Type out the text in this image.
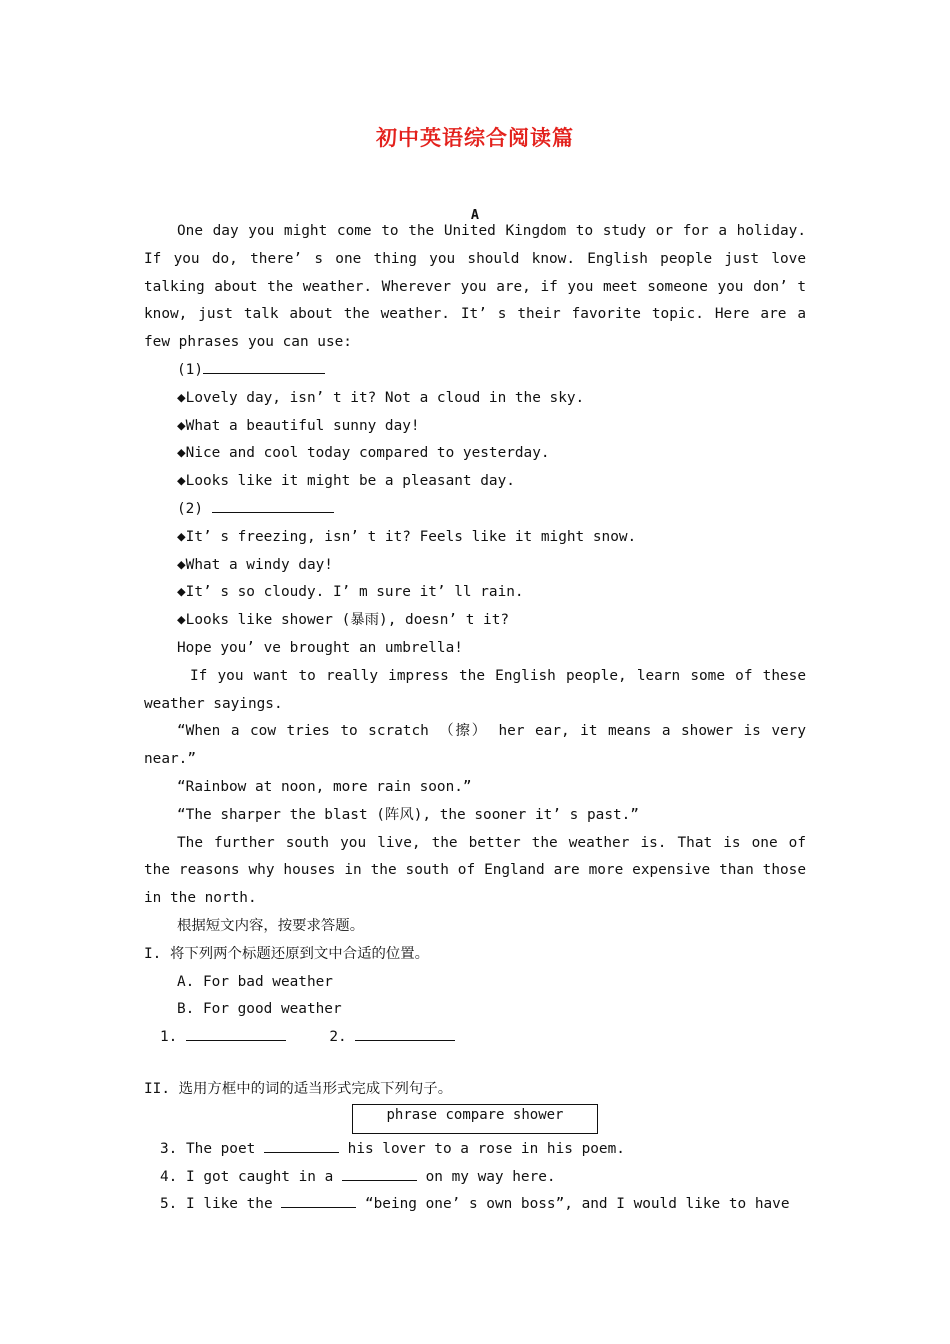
初中英语综合阅读篇
A

One day you might come to the United Kingdom to study or for a holiday. If you do, there’ s one thing you should know. English people just love talking about the weather. Wherever you are, if you meet someone you don’ t know, just talk about the weather. It’ s their favorite topic. Here are a few phrases you can use:

(1)

◆Lovely day, isn’ t it? Not a cloud in the sky.

◆What a beautiful sunny day!

◆Nice and cool today compared to yesterday.

◆Looks like it might be a pleasant day.

(2)

◆It’ s freezing, isn’ t it? Feels like it might snow.

◆What a windy day!

◆It’ s so cloudy. I’ m sure it’ ll rain.

◆Looks like shower (暴雨), doesn’ t it?

Hope you’ ve brought an umbrella!

If you want to really impress the English people, learn some of these weather sayings.

“When a cow tries to scratch （擦） her ear, it means a shower is very near.”

“Rainbow at noon, more rain soon.”

“The sharper the blast (阵风), the sooner it’ s past.”

The further south you live, the better the weather is. That is one of the reasons why houses in the south of England are more expensive than those in the north.

根据短文内容，按要求答题。

I. 将下列两个标题还原到文中合适的位置。

A. For bad weather

B. For good weather

1.	2.

II. 选用方框中的词的适当形式完成下列句子。

phrase compare shower

3. The poet	his lover to a rose in his poem.

4. I got caught in a	on my way here.

5. I like the	“being one’ s own boss”, and I would like to have
